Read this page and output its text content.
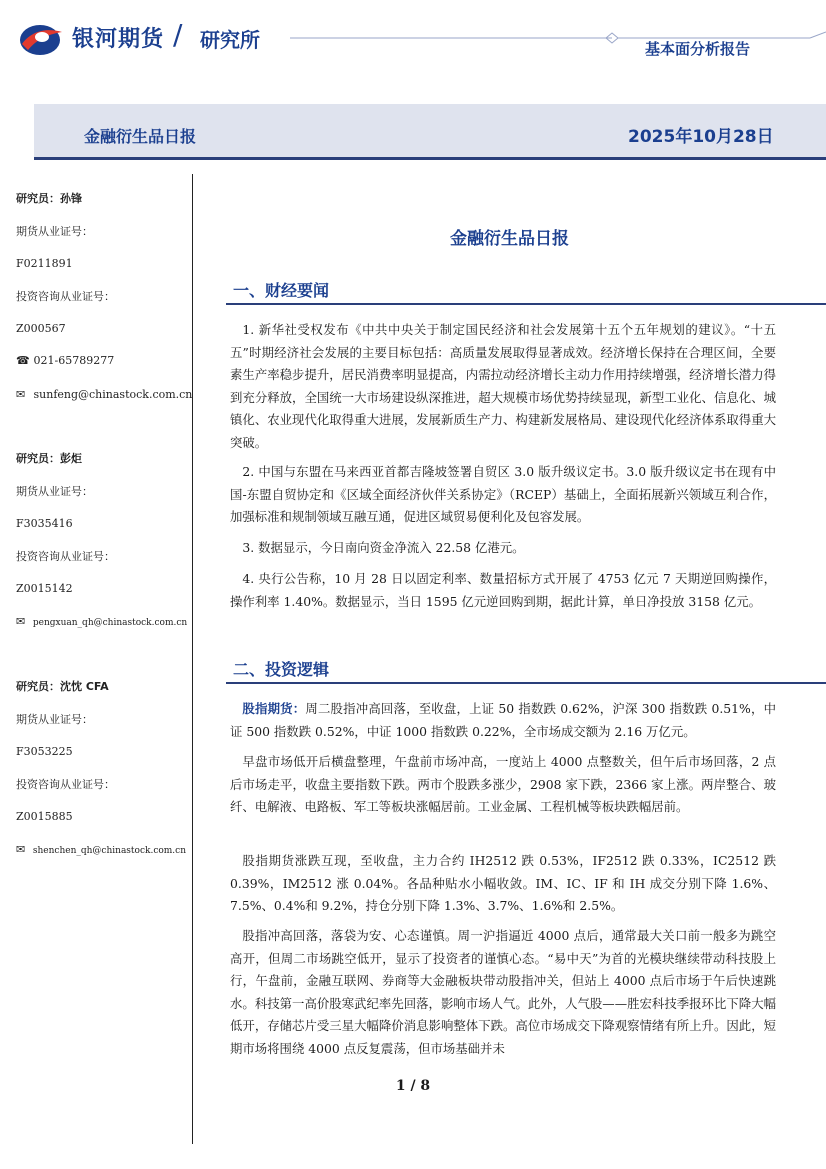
银河期货 / 研究所	基本面分析报告
金融衍生品日报	2025年10月28日
研究员：孙锋
期货从业证号：
F0211891
投资咨询从业证号：
Z000567
☎ 021-65789277
✉ sunfeng@chinastock.com.cn
研究员：彭炬
期货从业证号：
F3035416
投资咨询从业证号：
Z0015142
✉ pengxuan_qh@chinastock.com.cn
研究员：沈忱 CFA
期货从业证号：
F3053225
投资咨询从业证号：
Z0015885
✉ shenchen_qh@chinastock.com.cn
金融衍生品日报
一、财经要闻

1. 新华社受权发布《中共中央关于制定国民经济和社会发展第十五个五年规划的建议》。“十五五”时期经济社会发展的主要目标包括：高质量发展取得显著成效。经济增长保持在合理区间，全要素生产率稳步提升，居民消费率明显提高，内需拉动经济增长主动力作用持续增强，经济增长潜力得到充分释放，全国统一大市场建设纵深推进，超大规模市场优势持续显现，新型工业化、信息化、城镇化、农业现代化取得重大进展，发展新质生产力、构建新发展格局、建设现代化经济体系取得重大突破。

2. 中国与东盟在马来西亚首都吉隆坡签署自贸区 3.0 版升级议定书。3.0 版升级议定书在现有中国-东盟自贸协定和《区域全面经济伙伴关系协定》（RCEP）基础上，全面拓展新兴领域互利合作，加强标准和规制领域互融互通，促进区域贸易便利化及包容发展。

3. 数据显示，今日南向资金净流入 22.58 亿港元。

4. 央行公告称，10 月 28 日以固定利率、数量招标方式开展了 4753 亿元 7 天期逆回购操作，操作利率 1.40%。数据显示，当日 1595 亿元逆回购到期，据此计算，单日净投放 3158 亿元。

二、投资逻辑

股指期货：周二股指冲高回落，至收盘，上证 50 指数跌 0.62%，沪深 300 指数跌 0.51%，中证 500 指数跌 0.52%，中证 1000 指数跌 0.22%，全市场成交额为 2.16 万亿元。

早盘市场低开后横盘整理，午盘前市场冲高，一度站上 4000 点整数关，但午后市场回落，2 点后市场走平，收盘主要指数下跌。两市个股跌多涨少，2908 家下跌，2366 家上涨。两岸整合、玻纤、电解液、电路板、军工等板块涨幅居前。工业金属、工程机械等板块跌幅居前。

股指期货涨跌互现，至收盘，主力合约 IH2512 跌 0.53%，IF2512 跌 0.33%，IC2512 跌 0.39%，IM2512 涨 0.04%。各品种贴水小幅收敛。IM、IC、IF 和 IH 成交分别下降 1.6%、7.5%、0.4%和 9.2%，持仓分别下降 1.3%、3.7%、1.6%和 2.5%。

股指冲高回落，落袋为安、心态谨慎。周一沪指逼近 4000 点后，通常最大关口前一般多为跳空高开，但周二市场跳空低开，显示了投资者的谨慎心态。“易中天”为首的光模块继续带动科技股上行，午盘前，金融互联网、券商等大金融板块带动股指冲关，但站上 4000 点后市场于午后快速跳水。科技第一高价股寒武纪率先回落，影响市场人气。此外，人气股——胜宏科技季报环比下降大幅低开，存储芯片受三星大幅降价消息影响整体下跌。高位市场成交下降观察情绪有所上升。因此，短期市场将围绕 4000 点反复震荡，但市场基础并未

1 / 8
